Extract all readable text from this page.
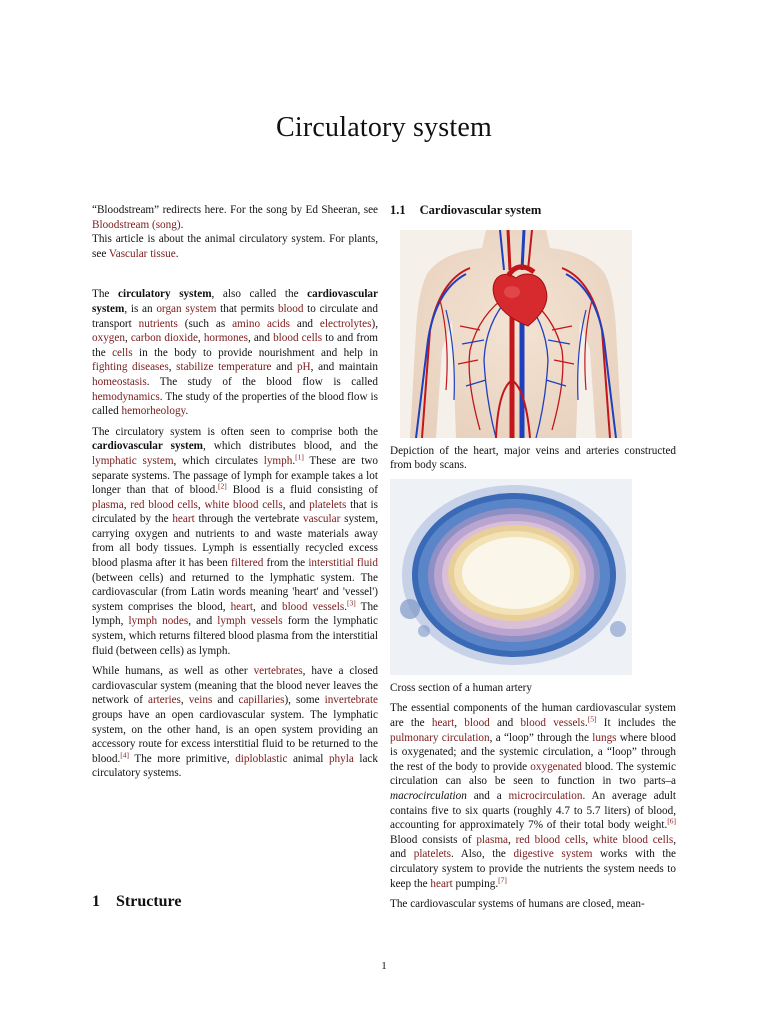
Circulatory system

“Bloodstream” redirects here. For the song by Ed Sheeran, see Bloodstream (song).
This article is about the animal circulatory system. For plants, see Vascular tissue.

The circulatory system, also called the cardiovascular system, is an organ system that permits blood to circulate and transport nutrients (such as amino acids and electrolytes), oxygen, carbon dioxide, hormones, and blood cells to and from the cells in the body to provide nourishment and help in fighting diseases, stabilize temperature and pH, and maintain homeostasis. The study of the blood flow is called hemodynamics. The study of the properties of the blood flow is called hemorheology.

The circulatory system is often seen to comprise both the cardiovascular system, which distributes blood, and the lymphatic system, which circulates lymph.[1] These are two separate systems. The passage of lymph for example takes a lot longer than that of blood.[2] Blood is a fluid consisting of plasma, red blood cells, white blood cells, and platelets that is circulated by the heart through the vertebrate vascular system, carrying oxygen and nutrients to and waste materials away from all body tissues. Lymph is essentially recycled excess blood plasma after it has been filtered from the interstitial fluid (between cells) and returned to the lymphatic system. The cardiovascular (from Latin words meaning 'heart' and 'vessel') system comprises the blood, heart, and blood vessels.[3] The lymph, lymph nodes, and lymph vessels form the lymphatic system, which returns filtered blood plasma from the interstitial fluid (between cells) as lymph.

While humans, as well as other vertebrates, have a closed cardiovascular system (meaning that the blood never leaves the network of arteries, veins and capillaries), some invertebrate groups have an open cardiovascular system. The lymphatic system, on the other hand, is an open system providing an accessory route for excess interstitial fluid to be returned to the blood.[4] The more primitive, diploblastic animal phyla lack circulatory systems.

1 Structure
1.1 Cardiovascular system

Depiction of the heart, major veins and arteries constructed from body scans.

Cross section of a human artery

The essential components of the human cardiovascular system are the heart, blood and blood vessels.[5] It includes the pulmonary circulation, a “loop” through the lungs where blood is oxygenated; and the systemic circulation, a “loop” through the rest of the body to provide oxygenated blood. The systemic circulation can also be seen to function in two parts–a macrocirculation and a microcirculation. An average adult contains five to six quarts (roughly 4.7 to 5.7 liters) of blood, accounting for approximately 7% of their total body weight.[6] Blood consists of plasma, red blood cells, white blood cells, and platelets. Also, the digestive system works with the circulatory system to provide the nutrients the system needs to keep the heart pumping.[7]

The cardiovascular systems of humans are closed, mean-

1
